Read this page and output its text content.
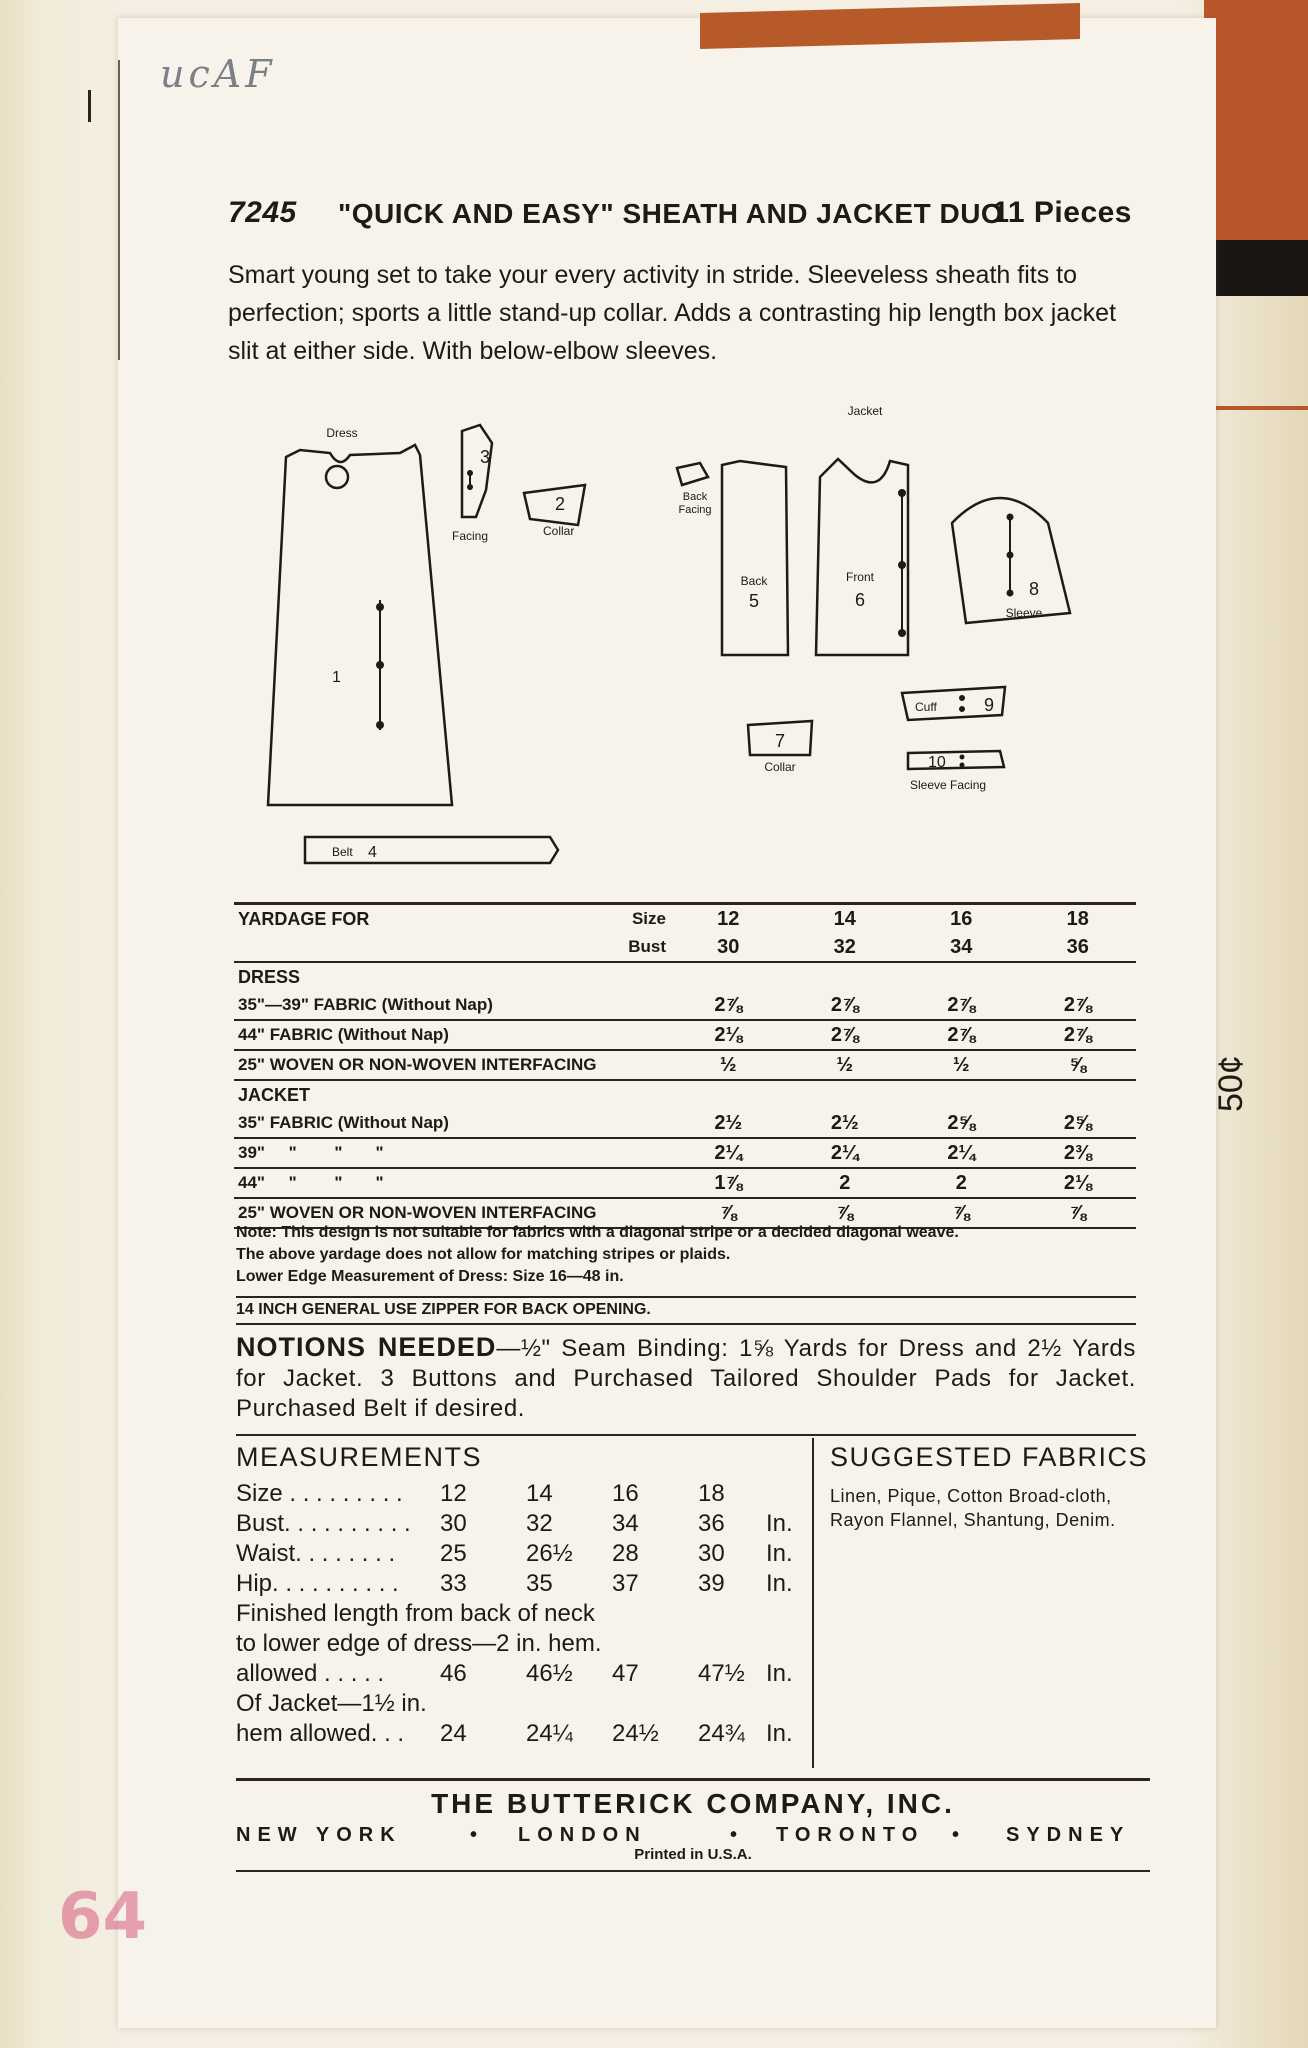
ucAF
64
50¢
7245 "QUICK AND EASY" SHEATH AND JACKET DUO
11 Pieces
Smart young set to take your every activity in stride. Sleeveless sheath fits to perfection; sports a little stand-up collar. Adds a contrasting hip length box jacket slit at either side. With below-elbow sleeves.
Dress
Jacket
1
2
Collar
3
Facing
Belt 4
Back
5
Front
6
7
Collar
8
Sleeve
9
Cuff
10
Sleeve Facing
Back
Facing
YARDAGE FOR	Size	12	14	16	18
	Bust	30	32	34	36
DRESS					
35"—39" FABRIC (Without Nap)		2⅞	2⅞	2⅞	2⅞
44" FABRIC (Without Nap)		2⅛	2⅞	2⅞	2⅞
25" WOVEN OR NON-WOVEN INTERFACING		½	½	½	⅝
JACKET					
35" FABRIC (Without Nap)		2½	2½	2⅝	2⅝
39"     "        "       "		2¼	2¼	2¼	2⅜
44"     "        "       "		1⅞	2	2	2⅛
25" WOVEN OR NON-WOVEN INTERFACING		⅞	⅞	⅞	⅞
Note: This design is not suitable for fabrics with a diagonal stripe or a decided diagonal weave.
The above yardage does not allow for matching stripes or plaids.
Lower Edge Measurement of Dress: Size 16—48 in.
14 INCH GENERAL USE ZIPPER FOR BACK OPENING.
NOTIONS NEEDED—½" Seam Binding: 1⅝ Yards for Dress and 2½ Yards for Jacket. 3 Buttons and Purchased Tailored Shoulder Pads for Jacket. Purchased Belt if desired.
MEASUREMENTS
Size . . . . . . . . . 12 14 16 18
Bust. . . . . . . . . . 30 32 34 36 In.
Waist. . . . . . . . 25 26½ 28 30 In.
Hip. . . . . . . . . . 33 35 37 39 In.
Finished length from back of neck
to lower edge of dress—2 in. hem.
allowed . . . . . 46 46½ 47 47½ In.
Of Jacket—1½ in.
hem allowed. . . 24 24¼ 24½ 24¾ In.
SUGGESTED FABRICS
Linen, Pique, Cotton Broad-cloth, Rayon Flannel, Shantung, Denim.
THE BUTTERICK COMPANY, INC.
NEW YORK	• LONDON	• TORONTO • SYDNEY
Printed in U.S.A.
